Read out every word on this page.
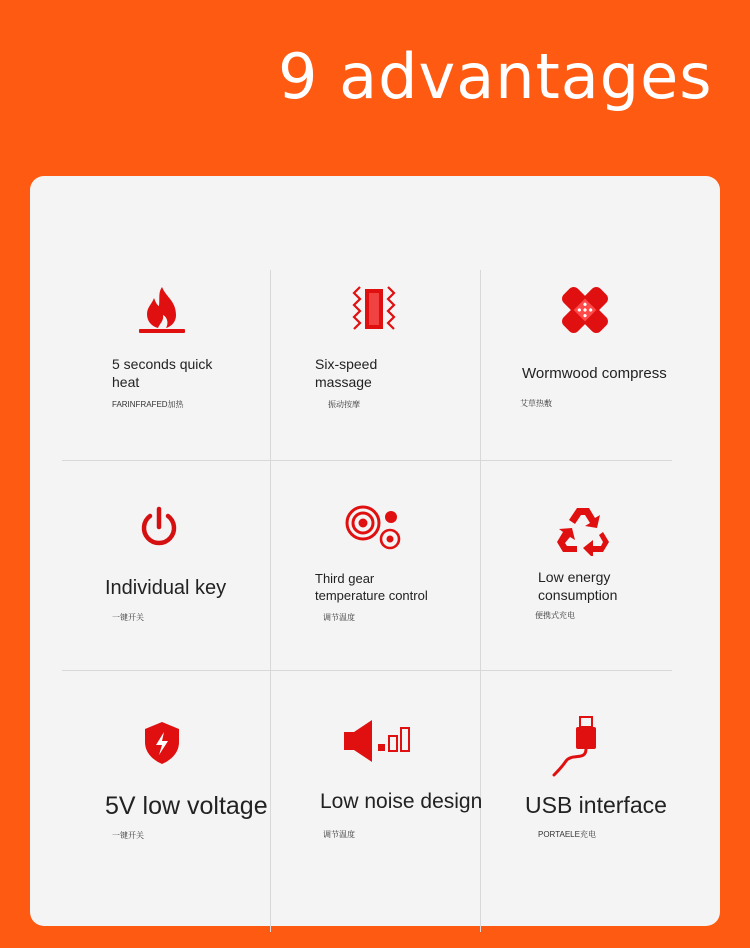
9 advantages
5 seconds quick
heat
FARINFRAFED加热
Six-speed
massage
振动按摩
Wormwood compress
艾草热敷
Individual key
一键开关
Third gear
temperature control
调节温度
Low energy
consumption
便携式充电
5V low voltage
一键开关
Low noise design
调节温度
USB interface
PORTAELE充电
